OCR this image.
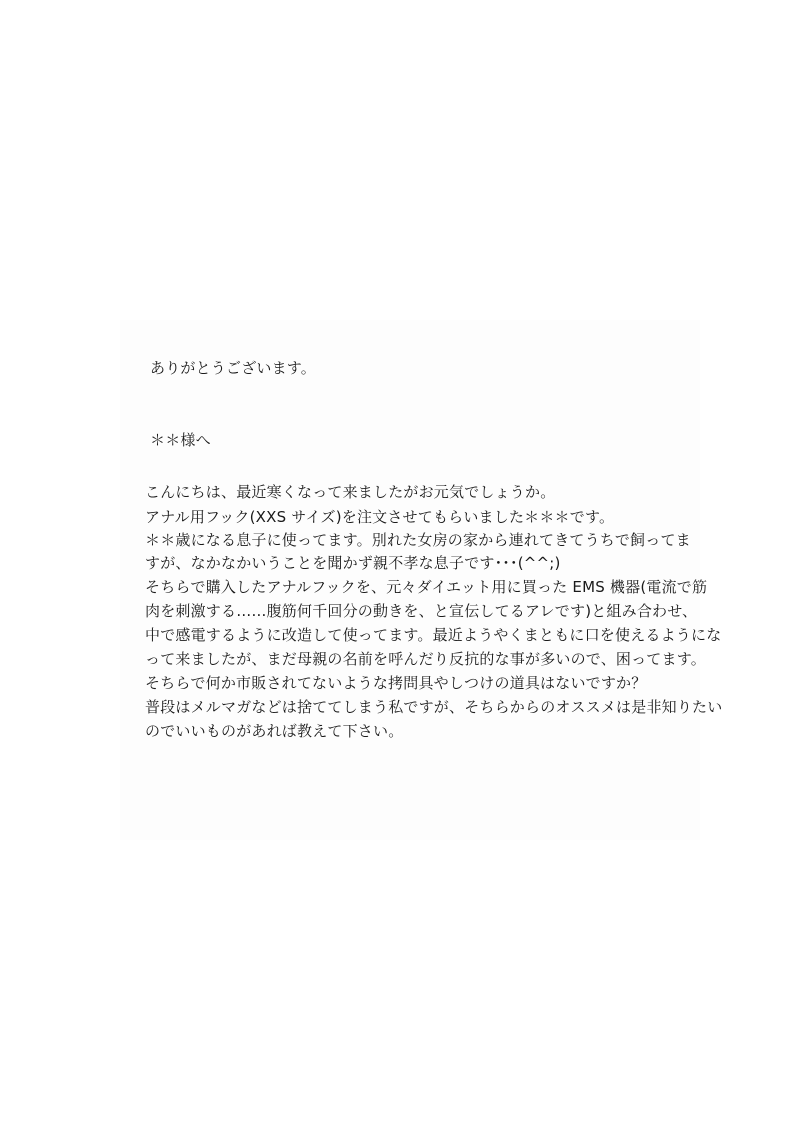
ありがとうございます。
＊＊様へ
こんにちは、最近寒くなって来ましたがお元気でしょうか。
アナル用フック(XXS サイズ)を注文させてもらいました＊＊＊です。
＊＊歳になる息子に使ってます。別れた女房の家から連れてきてうちで飼ってま
すが、なかなかいうことを聞かず親不孝な息子です･･･(^^;)
そちらで購入したアナルフックを、元々ダイエット用に買った EMS 機器(電流で筋
肉を刺激する……腹筋何千回分の動きを、と宣伝してるアレです)と組み合わせ、
中で感電するように改造して使ってます。最近ようやくまともに口を使えるようにな
って来ましたが、まだ母親の名前を呼んだり反抗的な事が多いので、困ってます。
そちらで何か市販されてないような拷問具やしつけの道具はないですか？
普段はメルマガなどは捨ててしまう私ですが、そちらからのオススメは是非知りたい
のでいいものがあれば教えて下さい。
